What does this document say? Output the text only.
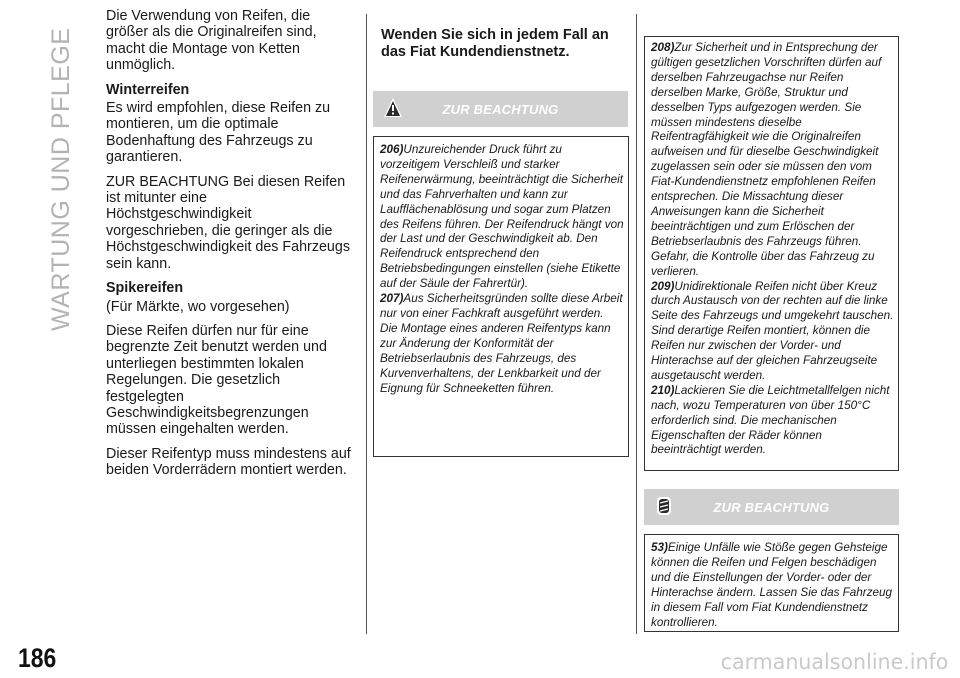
WARTUNG UND PFLEGE

Die Verwendung von Reifen, die größer als die Originalreifen sind, macht die Montage von Ketten unmöglich.

Winterreifen

Es wird empfohlen, diese Reifen zu montieren, um die optimale Bodenhaftung des Fahrzeugs zu garantieren.

ZUR BEACHTUNG Bei diesen Reifen ist mitunter eine Höchstgeschwindigkeit vorgeschrieben, die geringer als die Höchstgeschwindigkeit des Fahrzeugs sein kann.

Spikereifen

(Für Märkte, wo vorgesehen)

Diese Reifen dürfen nur für eine begrenzte Zeit benutzt werden und unterliegen bestimmten lokalen Regelungen. Die gesetzlich festgelegten Geschwindigkeitsbegrenzungen müssen eingehalten werden.

Dieser Reifentyp muss mindestens auf beiden Vorderrädern montiert werden.

Wenden Sie sich in jedem Fall an das Fiat Kundendienstnetz.
ZUR BEACHTUNG

206)Unzureichender Druck führt zu vorzeitigem Verschleiß und starker Reifenerwärmung, beeinträchtigt die Sicherheit und das Fahrverhalten und kann zur Laufflächenablösung und sogar zum Platzen des Reifens führen. Der Reifendruck hängt von der Last und der Geschwindigkeit ab. Den Reifendruck entsprechend den Betriebsbedingungen einstellen (siehe Etikette auf der Säule der Fahrertür).

207)Aus Sicherheitsgründen sollte diese Arbeit nur von einer Fachkraft ausgeführt werden. Die Montage eines anderen Reifentyps kann zur Änderung der Konformität der Betriebserlaubnis des Fahrzeugs, des Kurvenverhaltens, der Lenkbarkeit und der Eignung für Schneeketten führen.

208)Zur Sicherheit und in Entsprechung der gültigen gesetzlichen Vorschriften dürfen auf derselben Fahrzeugachse nur Reifen derselben Marke, Größe, Struktur und desselben Typs aufgezogen werden. Sie müssen mindestens dieselbe Reifentragfähigkeit wie die Originalreifen aufweisen und für dieselbe Geschwindigkeit zugelassen sein oder sie müssen den vom Fiat-Kundendienstnetz empfohlenen Reifen entsprechen. Die Missachtung dieser Anweisungen kann die Sicherheit beeinträchtigen und zum Erlöschen der Betriebserlaubnis des Fahrzeugs führen. Gefahr, die Kontrolle über das Fahrzeug zu verlieren.

209)Unidirektionale Reifen nicht über Kreuz durch Austausch von der rechten auf die linke Seite des Fahrzeugs und umgekehrt tauschen. Sind derartige Reifen montiert, können die Reifen nur zwischen der Vorder- und Hinterachse auf der gleichen Fahrzeugseite ausgetauscht werden.

210)Lackieren Sie die Leichtmetallfelgen nicht nach, wozu Temperaturen von über 150°C erforderlich sind. Die mechanischen Eigenschaften der Räder können beeinträchtigt werden.

ZUR BEACHTUNG

53)Einige Unfälle wie Stöße gegen Gehsteige können die Reifen und Felgen beschädigen und die Einstellungen der Vorder- oder der Hinterachse ändern. Lassen Sie das Fahrzeug in diesem Fall vom Fiat Kundendienstnetz kontrollieren.

186	carmanualsonline.info
